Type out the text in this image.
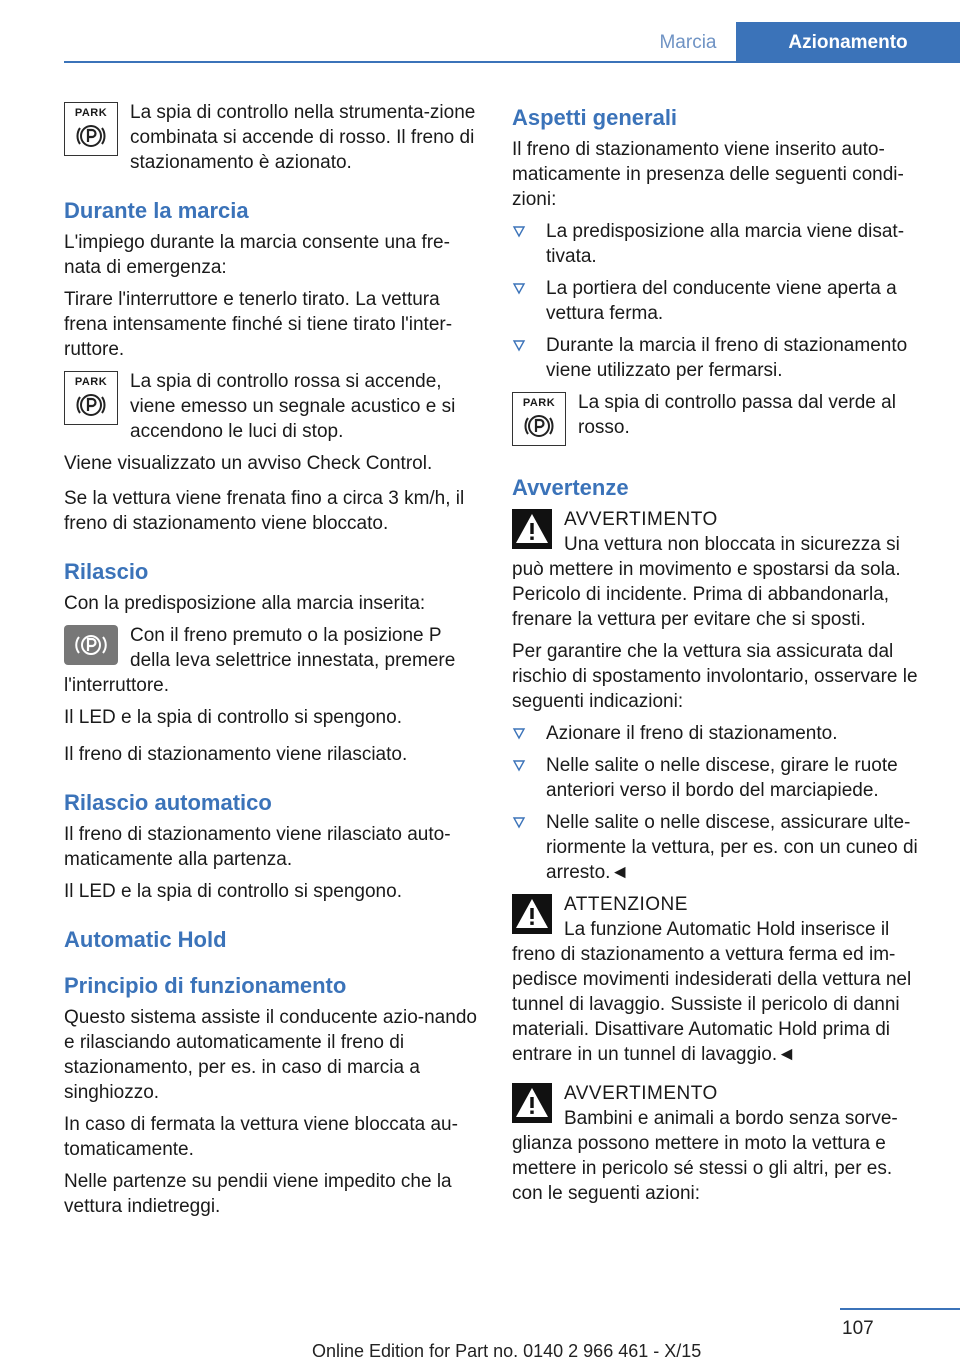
Marcia	Azionamento
PARK La spia di controllo nella strumenta-zione combinata si accende di rosso. Il freno di stazionamento è azionato.

Durante la marcia

L'impiego durante la marcia consente una fre-nata di emergenza:

Tirare l'interruttore e tenerlo tirato. La vettura frena intensamente finché si tiene tirato l'inter-ruttore.

PARK La spia di controllo rossa si accende, viene emesso un segnale acustico e si accendono le luci di stop.

Viene visualizzato un avviso Check Control.

Se la vettura viene frenata fino a circa 3 km/h, il freno di stazionamento viene bloccato.

Rilascio

Con la predisposizione alla marcia inserita:

Con il freno premuto o la posizione P della leva selettrice innestata, premere l'interruttore.

Il LED e la spia di controllo si spengono.

Il freno di stazionamento viene rilasciato.

Rilascio automatico

Il freno di stazionamento viene rilasciato auto-maticamente alla partenza.

Il LED e la spia di controllo si spengono.

Automatic Hold
Principio di funzionamento

Questo sistema assiste il conducente azio-nando e rilasciando automaticamente il freno di stazionamento, per es. in caso di marcia a singhiozzo.

In caso di fermata la vettura viene bloccata au-tomaticamente.

Nelle partenze su pendii viene impedito che la vettura indietreggi.

Aspetti generali

Il freno di stazionamento viene inserito auto-maticamente in presenza delle seguenti condi-zioni:

La predisposizione alla marcia viene disat-tivata.
La portiera del conducente viene aperta a vettura ferma.
Durante la marcia il freno di stazionamento viene utilizzato per fermarsi.
PARK La spia di controllo passa dal verde al rosso.

Avvertenze
AVVERTIMENTO

Una vettura non bloccata in sicurezza si può mettere in movimento e spostarsi da sola. Pericolo di incidente. Prima di abbandonarla, frenare la vettura per evitare che si sposti.

Per garantire che la vettura sia assicurata dal rischio di spostamento involontario, osservare le seguenti indicazioni:

Azionare il freno di stazionamento.
Nelle salite o nelle discese, girare le ruote anteriori verso il bordo del marciapiede.
Nelle salite o nelle discese, assicurare ulte-riormente la vettura, per es. con un cuneo di arresto.◄
ATTENZIONE

La funzione Automatic Hold inserisce il freno di stazionamento a vettura ferma ed im-pedisce movimenti indesiderati della vettura nel tunnel di lavaggio. Sussiste il pericolo di danni materiali. Disattivare Automatic Hold prima di entrare in un tunnel di lavaggio.◄

AVVERTIMENTO

Bambini e animali a bordo senza sorve-glianza possono mettere in moto la vettura e mettere in pericolo sé stessi o gli altri, per es. con le seguenti azioni:

107
Online Edition for Part no. 0140 2 966 461 - X/15
